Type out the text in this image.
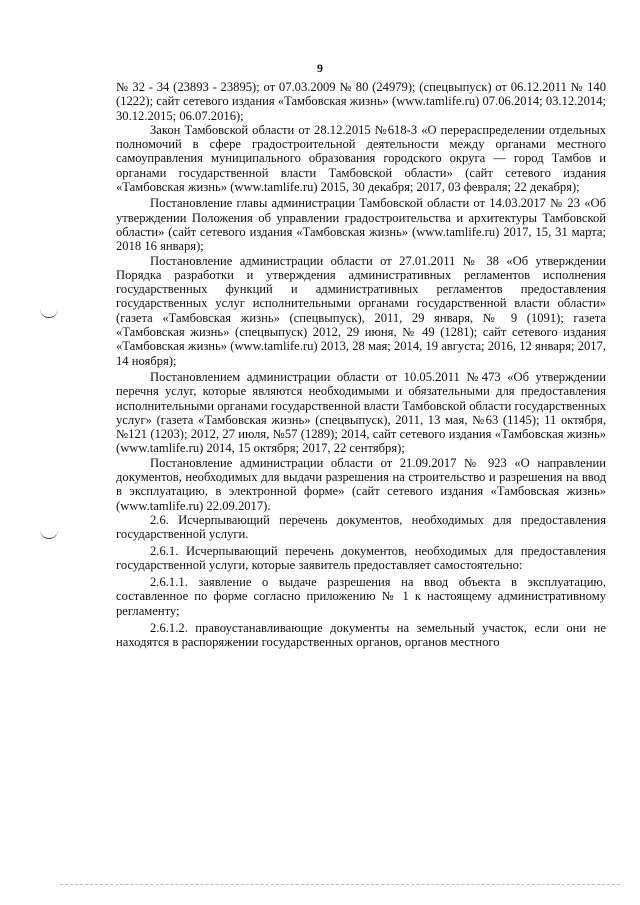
9

№ 32 - 34 (23893 - 23895); от 07.03.2009 № 80 (24979); (спецвыпуск) от 06.12.2011 № 140 (1222); сайт сетевого издания «Тамбовская жизнь» (www.tamlife.ru) 07.06.2014; 03.12.2014; 30.12.2015; 06.07.2016);

Закон Тамбовской области от 28.12.2015 №618-З «О перераспределении отдельных полномочий в сфере градостроительной деятельности между органами местного самоуправления муниципального образования городского округа — город Тамбов и органами государственной власти Тамбовской области» (сайт сетевого издания «Тамбовская жизнь» (www.tamlife.ru) 2015, 30 декабря; 2017, 03 февраля; 22 декабря);

Постановление главы администрации Тамбовской области от 14.03.2017 № 23 «Об утверждении Положения об управлении градостроительства и архитектуры Тамбовской области» (сайт сетевого издания «Тамбовская жизнь» (www.tamlife.ru) 2017, 15, 31 марта; 2018 16 января);

Постановление администрации области от 27.01.2011 № 38 «Об утверждении Порядка разработки и утверждения административных регламентов исполнения государственных функций и административных регламентов предоставления государственных услуг исполнительными органами государственной власти области» (газета «Тамбовская жизнь» (спецвыпуск), 2011, 29 января, № 9 (1091); газета «Тамбовская жизнь» (спецвыпуск) 2012, 29 июня, № 49 (1281); сайт сетевого издания «Тамбовская жизнь» (www.tamlife.ru) 2013, 28 мая; 2014, 19 августа; 2016, 12 января; 2017, 14 ноября);

Постановлением администрации области от 10.05.2011 №473 «Об утверждении перечня услуг, которые являются необходимыми и обязательными для предоставления исполнительными органами государственной власти Тамбовской области государственных услуг» (газета «Тамбовская жизнь» (спецвыпуск), 2011, 13 мая, №63 (1145); 11 октября, №121 (1203); 2012, 27 июля, №57 (1289); 2014, сайт сетевого издания «Тамбовская жизнь» (www.tamlife.ru) 2014, 15 октября; 2017, 22 сентября);

Постановление администрации области от 21.09.2017 № 923 «О направлении документов, необходимых для выдачи разрешения на строительство и разрешения на ввод в эксплуатацию, в электронной форме» (сайт сетевого издания «Тамбовская жизнь» (www.tamlife.ru) 22.09.2017).

2.6. Исчерпывающий перечень документов, необходимых для предоставления государственной услуги.

2.6.1. Исчерпывающий перечень документов, необходимых для предоставления государственной услуги, которые заявитель предоставляет самостоятельно:

2.6.1.1. заявление о выдаче разрешения на ввод объекта в эксплуатацию, составленное по форме согласно приложению № 1 к настоящему административному регламенту;

2.6.1.2. правоустанавливающие документы на земельный участок, если они не находятся в распоряжении государственных органов, органов местного
